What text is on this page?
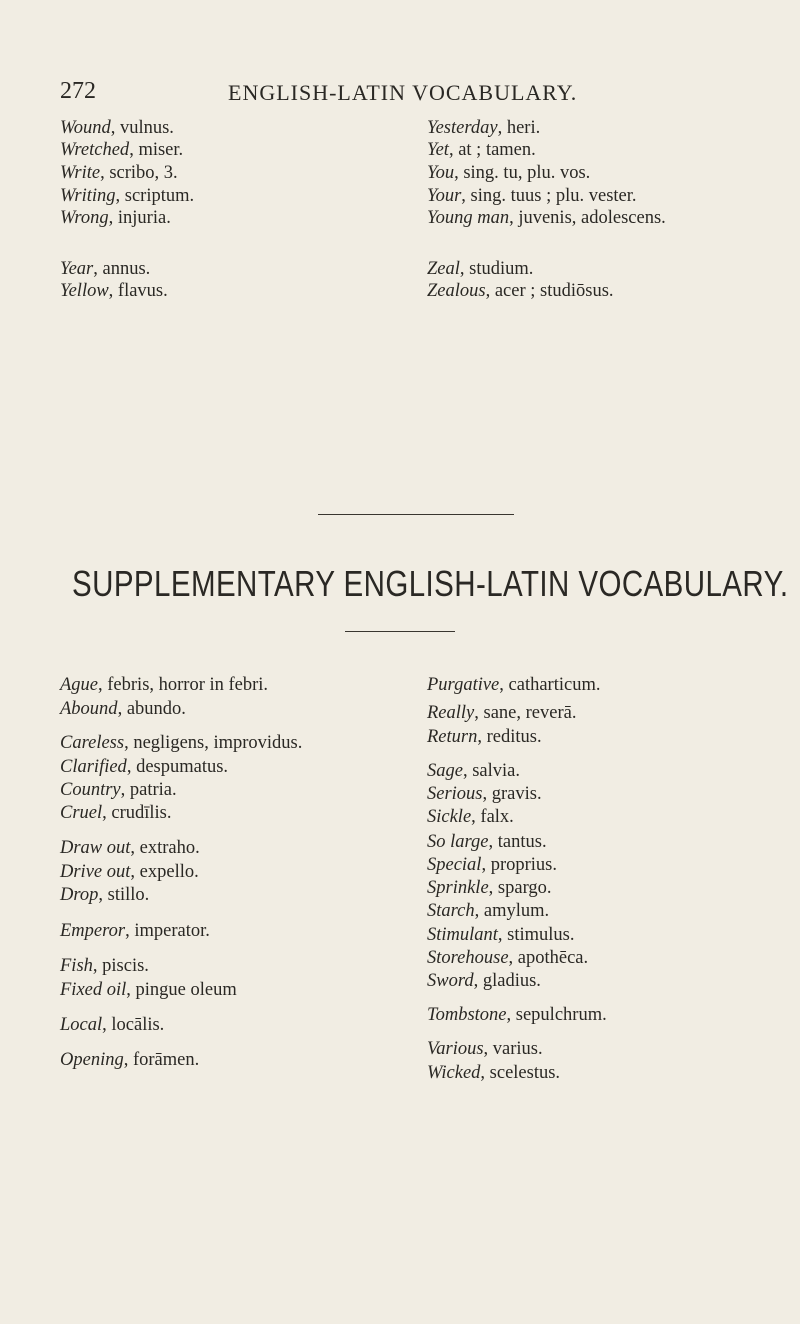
272	ENGLISH-LATIN VOCABULARY.
Wound, vulnus.
Wretched, miser.
Write, scribo, 3.
Writing, scriptum.
Wrong, injuria.
Year, annus.
Yellow, flavus.
Yesterday, heri.
Yet, at ; tamen.
You, sing. tu, plu. vos.
Your, sing. tuus ; plu. vester.
Young man, juvenis, adolescens.
Zeal, studium.
Zealous, acer ; studiōsus.
SUPPLEMENTARY ENGLISH-LATIN VOCABULARY.
Ague, febris, horror in febri.
Abound, abundo.
Careless, negligens, improvidus.
Clarified, despumatus.
Country, patria.
Cruel, crudīlis.
Draw out, extraho.
Drive out, expello.
Drop, stillo.
Emperor, imperator.
Fish, piscis.
Fixed oil, pingue oleum
Local, locālis.
Opening, forāmen.
Purgative, catharticum.
Really, sane, reverā.
Return, reditus.
Sage, salvia.
Serious, gravis.
Sickle, falx.
So large, tantus.
Special, proprius.
Sprinkle, spargo.
Starch, amylum.
Stimulant, stimulus.
Storehouse, apothēca.
Sword, gladius.
Tombstone, sepulchrum.
Various, varius.
Wicked, scelestus.
